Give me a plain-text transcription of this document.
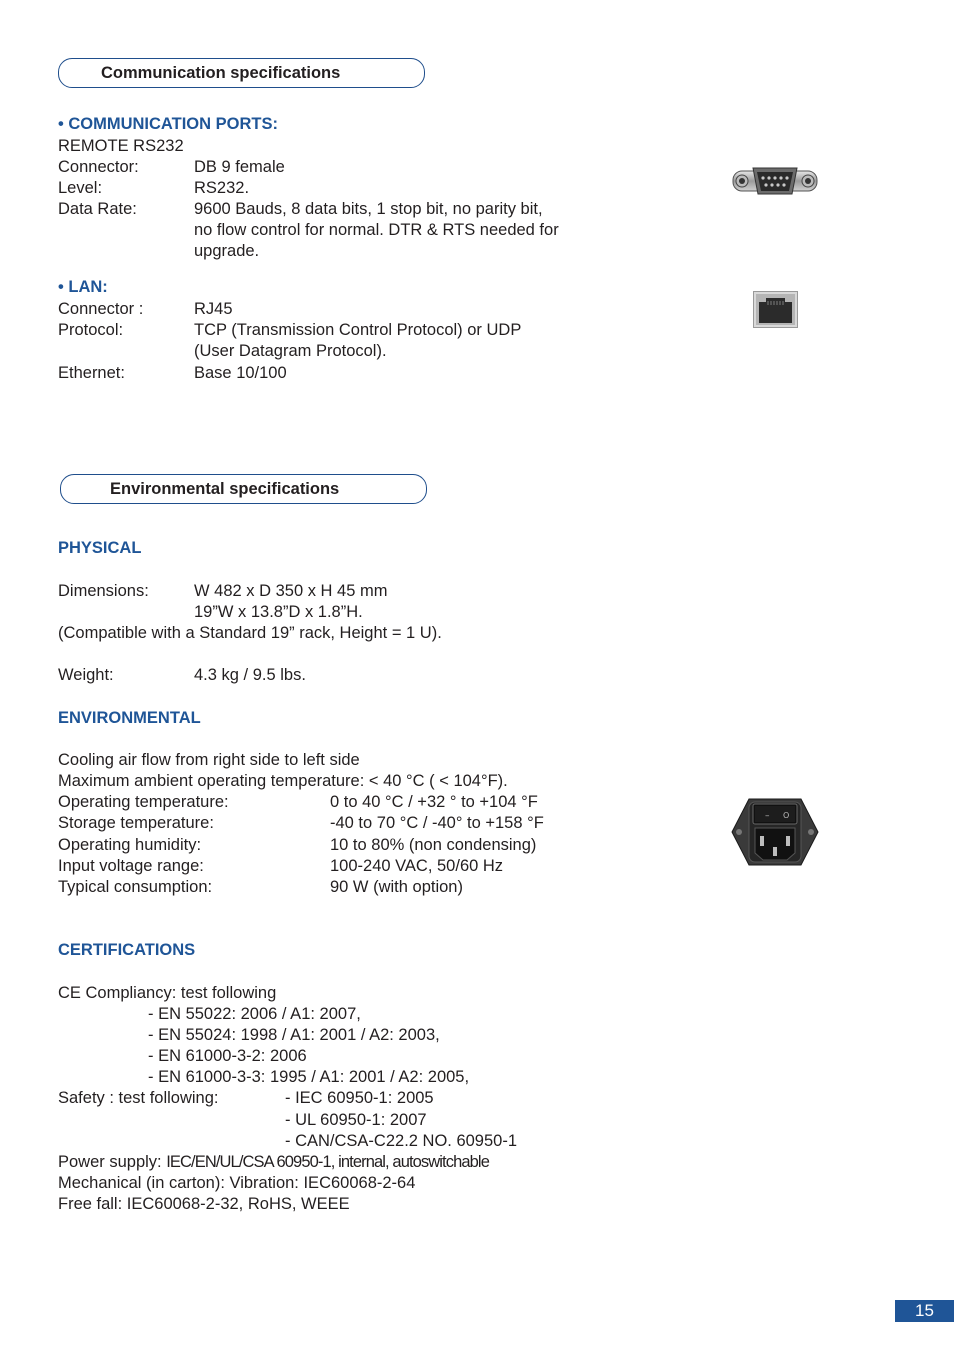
Communication specifications
• COMMUNICATION PORTS:
REMOTE RS232
Connector:	DB 9 female
Level:	RS232.
Data Rate:	9600 Bauds, 8 data bits, 1 stop bit, no parity bit,
no flow control for normal. DTR & RTS needed for
upgrade.
• LAN:
Connector :	RJ45
Protocol:	TCP (Transmission Control Protocol) or UDP
(User Datagram Protocol).
Ethernet:	Base 10/100
Environmental specifications
PHYSICAL
Dimensions:	W 482 x D 350 x H 45 mm
19”W x 13.8”D x 1.8”H.
(Compatible with a Standard 19” rack, Height = 1 U).
Weight:	4.3 kg / 9.5 lbs.
ENVIRONMENTAL
Cooling air flow from right side to left side
Maximum ambient operating temperature: < 40 °C ( < 104°F).
Operating temperature:	0 to 40 °C / +32 ° to +104 °F
Storage temperature:	-40 to 70 °C / -40° to +158 °F
Operating humidity:	10 to 80% (non condensing)
Input voltage range:	100-240 VAC, 50/60 Hz
Typical consumption:	90 W (with option)
– O
CERTIFICATIONS
CE Compliancy: test following
- EN 55022: 2006 / A1: 2007,
- EN 55024: 1998 / A1: 2001 / A2: 2003,
- EN 61000-3-2: 2006
- EN 61000-3-3: 1995 / A1: 2001 / A2: 2005,
Safety : test following:	- IEC 60950-1: 2005
- UL 60950-1: 2007
- CAN/CSA-C22.2 NO. 60950-1
Power supply: IEC/EN/UL/CSA 60950-1, internal, autoswitchable
Mechanical (in carton): Vibration: IEC60068-2-64
Free fall: IEC60068-2-32, RoHS, WEEE
15
